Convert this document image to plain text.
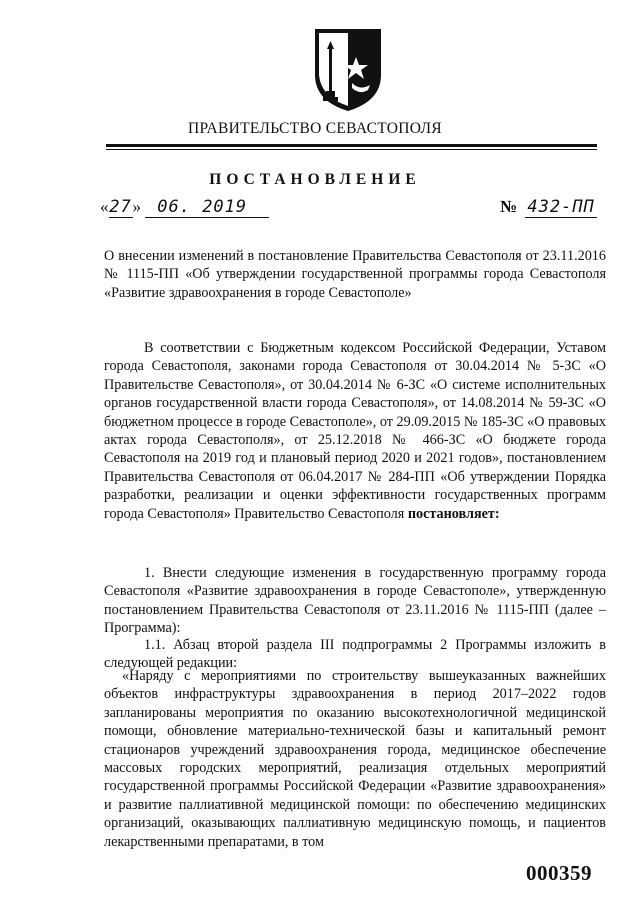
ПРАВИТЕЛЬСТВО СЕВАСТОПОЛЯ
ПОСТАНОВЛЕНИЕ
«27» 06. 2019	№ 432-ПП
О внесении изменений в постановление Правительства Севастополя от 23.11.2016 № 1115-ПП «Об утверждении государственной программы города Севастополя «Развитие здравоохранения в городе Севастополе»
В соответствии с Бюджетным кодексом Российской Федерации, Уставом города Севастополя, законами города Севастополя от 30.04.2014 № 5-ЗС «О Правительстве Севастополя», от 30.04.2014 № 6-ЗС «О системе исполнительных органов государственной власти города Севастополя», от 14.08.2014 № 59-ЗС «О бюджетном процессе в городе Севастополе», от 29.09.2015 № 185-ЗС «О правовых актах города Севастополя», от 25.12.2018 № 466-ЗС «О бюджете города Севастополя на 2019 год и плановый период 2020 и 2021 годов», постановлением Правительства Севастополя от 06.04.2017 № 284-ПП «Об утверждении Порядка разработки, реализации и оценки эффективности государственных программ города Севастополя» Правительство Севастополя постановляет:
1. Внести следующие изменения в государственную программу города Севастополя «Развитие здравоохранения в городе Севастополе», утвержденную постановлением Правительства Севастополя от 23.11.2016 № 1115-ПП (далее – Программа):
1.1. Абзац второй раздела III подпрограммы 2 Программы изложить в следующей редакции:
«Наряду с мероприятиями по строительству вышеуказанных важнейших объектов инфраструктуры здравоохранения в период 2017–2022 годов запланированы мероприятия по оказанию высокотехнологичной медицинской помощи, обновление материально-технической базы и капитальный ремонт стационаров учреждений здравоохранения города, медицинское обеспечение массовых городских мероприятий, реализация отдельных мероприятий государственной программы Российской Федерации «Развитие здравоохранения» и развитие паллиативной медицинской помощи: по обеспечению медицинских организаций, оказывающих паллиативную медицинскую помощь, и пациентов лекарственными препаратами, в том
000359
